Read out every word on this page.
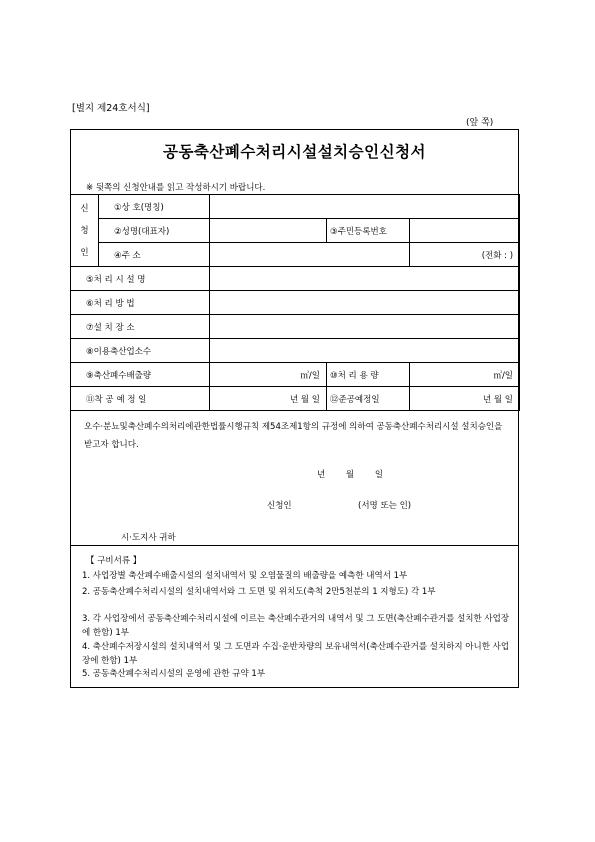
[별지 제24호서식]
(앞 쪽)
공동축산폐수처리시설설치승인신청서
※ 뒷쪽의 신청안내를 읽고 작성하시기 바랍니다.
신
청
인	①상 호(명칭)			
	②성명(대표자)		③주민등록번호	
	④주 소			(전화 : )
⑤처 리 시 설 명				
⑥처 리 방 법				
⑦설 치 장 소				
⑧이용축산업소수				
⑨축산폐수배출량		㎥/일	⑩처 리 용 량	㎥/일
⑪착 공 예 정 일		년 월 일	⑫준공예정일	년 월 일
오수·분뇨및축산폐수의처리에관한법률시행규칙 제54조제1항의 규정에 의하여 공동축산폐수처리시설 설치승인을 받고자 합니다.
년 월 일
신청인	(서명 또는 인)
시·도지사 귀하
【 구비서류 】
1. 사업장별 축산폐수배출시설의 설치내역서 및 오염물질의 배출량을 예측한 내역서 1부
2. 공동축산폐수처리시설의 설치내역서와 그 도면 및 위치도(축척 2만5천분의 1 지형도) 각 1부
3. 각 사업장에서 공동축산폐수처리시설에 이르는 축산폐수관거의 내역서 및 그 도면(축산폐수관거를 설치한 사업장에 한함) 1부
4. 축산폐수저장시설의 설치내역서 및 그 도면과 수집·운반차량의 보유내역서(축산폐수관거를 설치하지 아니한 사업장에 한함) 1부
5. 공동축산폐수처리시설의 운영에 관한 규약 1부
